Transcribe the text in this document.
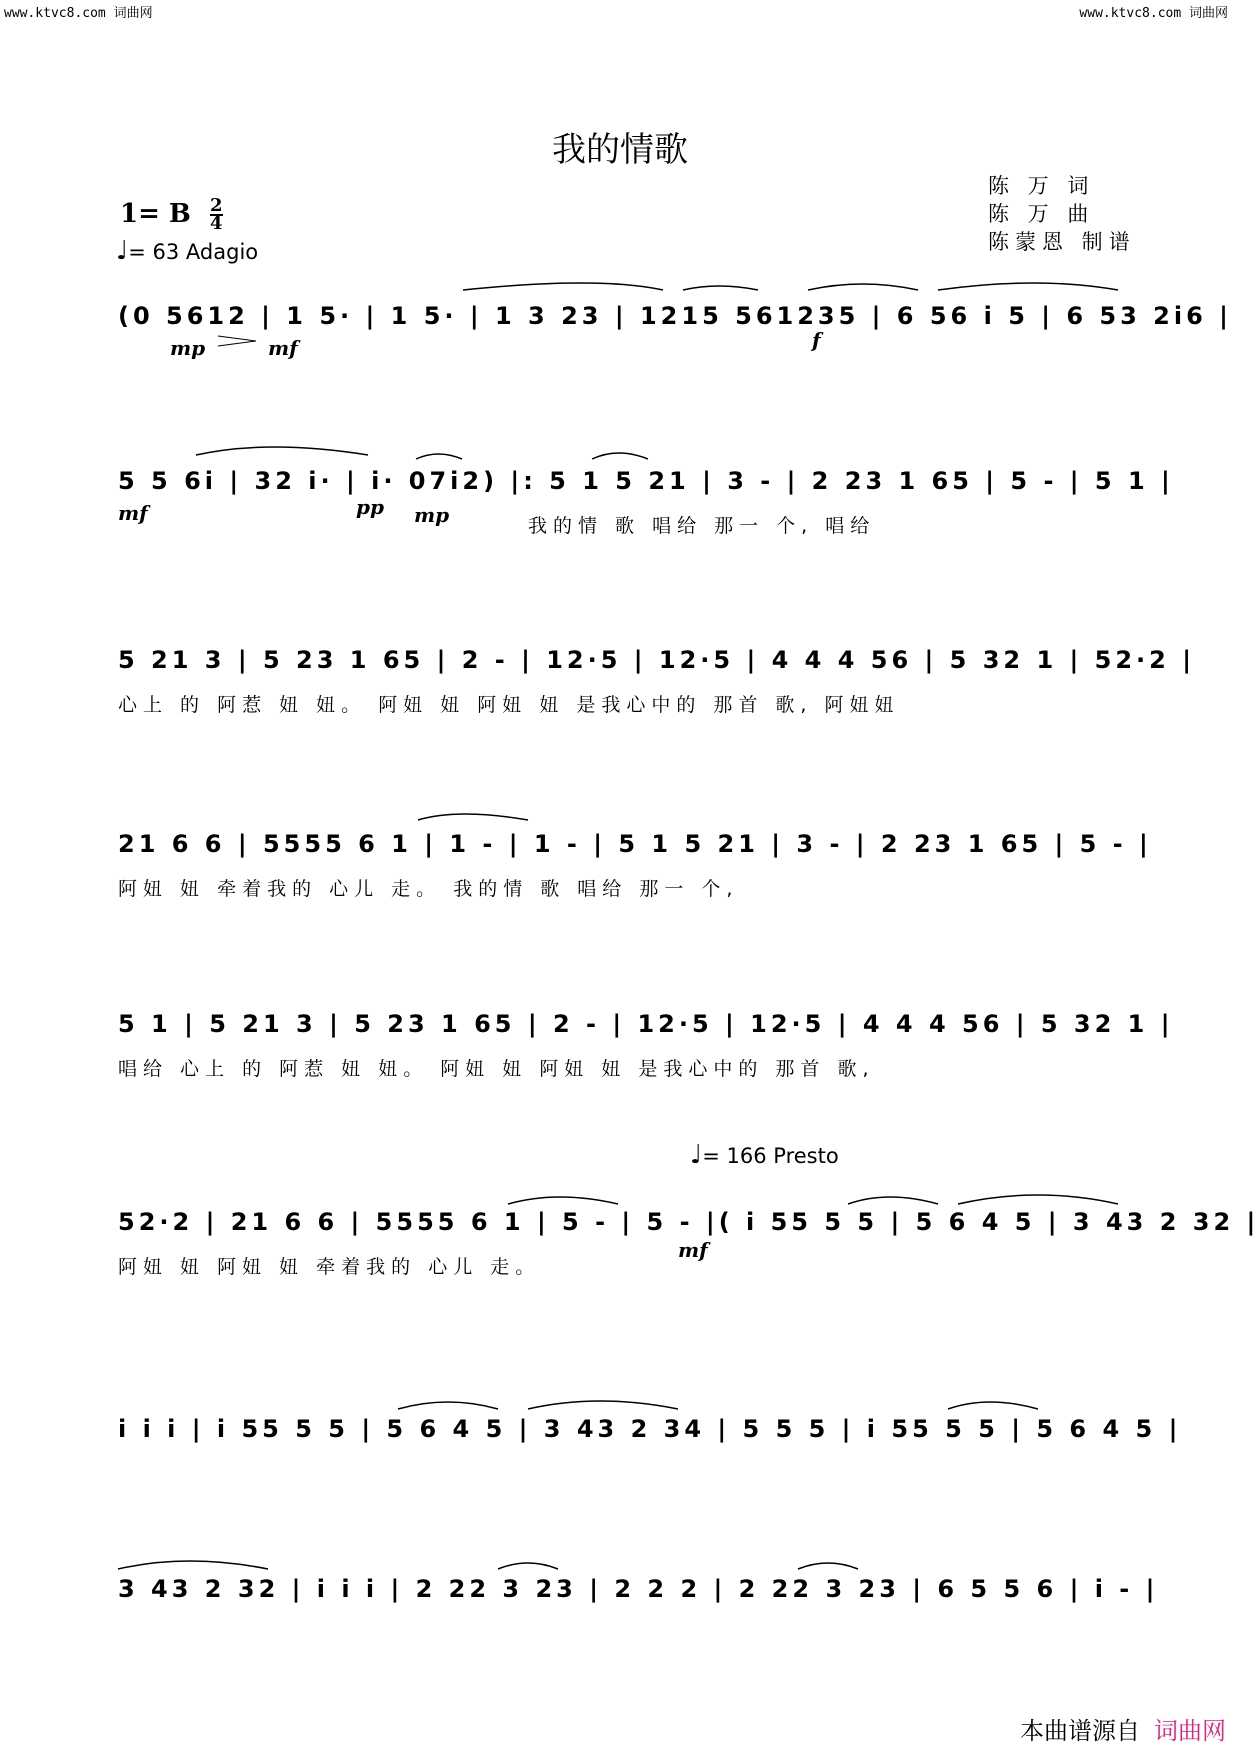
www.ktvc8.com 词曲网	www.ktvc8.com 词曲网
我的情歌
陈 万 词
陈 万 曲
陈蒙恩 制谱
1= B $\frac{2}{4}$
♩= 63 Adagio
♩= 166 Presto
(0 5612 | 1 5· | 1 5· | 1 3 23 | 1215 561235 | 6 56 i 5 | 6 53 2i6 |
mp	mf	f
5 5 6i | 32 i· | i· 07i2) |: 5 1 5 21 | 3 - | 2 23 1 65 | 5 - | 5 1 |
我的情 歌 唱给 那一 个, 唱给
mf	pp mp
5 21 3 | 5 23 1 65 | 2 - | 12·5 | 12·5 | 4 4 4 56 | 5 32 1 | 52·2 |
心上 的 阿惹 妞 妞。 阿妞 妞 阿妞 妞 是我心中的 那首 歌, 阿妞妞
21 6 6 | 5555 6 1 | 1 - | 1 - | 5 1 5 21 | 3 - | 2 23 1 65 | 5 - |
阿妞 妞 牵着我的 心儿 走。 我的情 歌 唱给 那一 个,
5 1 | 5 21 3 | 5 23 1 65 | 2 - | 12·5 | 12·5 | 4 4 4 56 | 5 32 1 |
唱给 心上 的 阿惹 妞 妞。 阿妞 妞 阿妞 妞 是我心中的 那首 歌,
52·2 | 21 6 6 | 5555 6 1 | 5 - | 5 - |( i 55 5 5 | 5 6 4 5 | 3 43 2 32 |
阿妞 妞 阿妞 妞 牵着我的 心儿 走。
mf
i i i | i 55 5 5 | 5 6 4 5 | 3 43 2 34 | 5 5 5 | i 55 5 5 | 5 6 4 5 |
3 43 2 32 | i i i | 2 22 3 23 | 2 2 2 | 2 22 3 23 | 6 5 5 6 | i - |
本曲谱源自 词曲网
